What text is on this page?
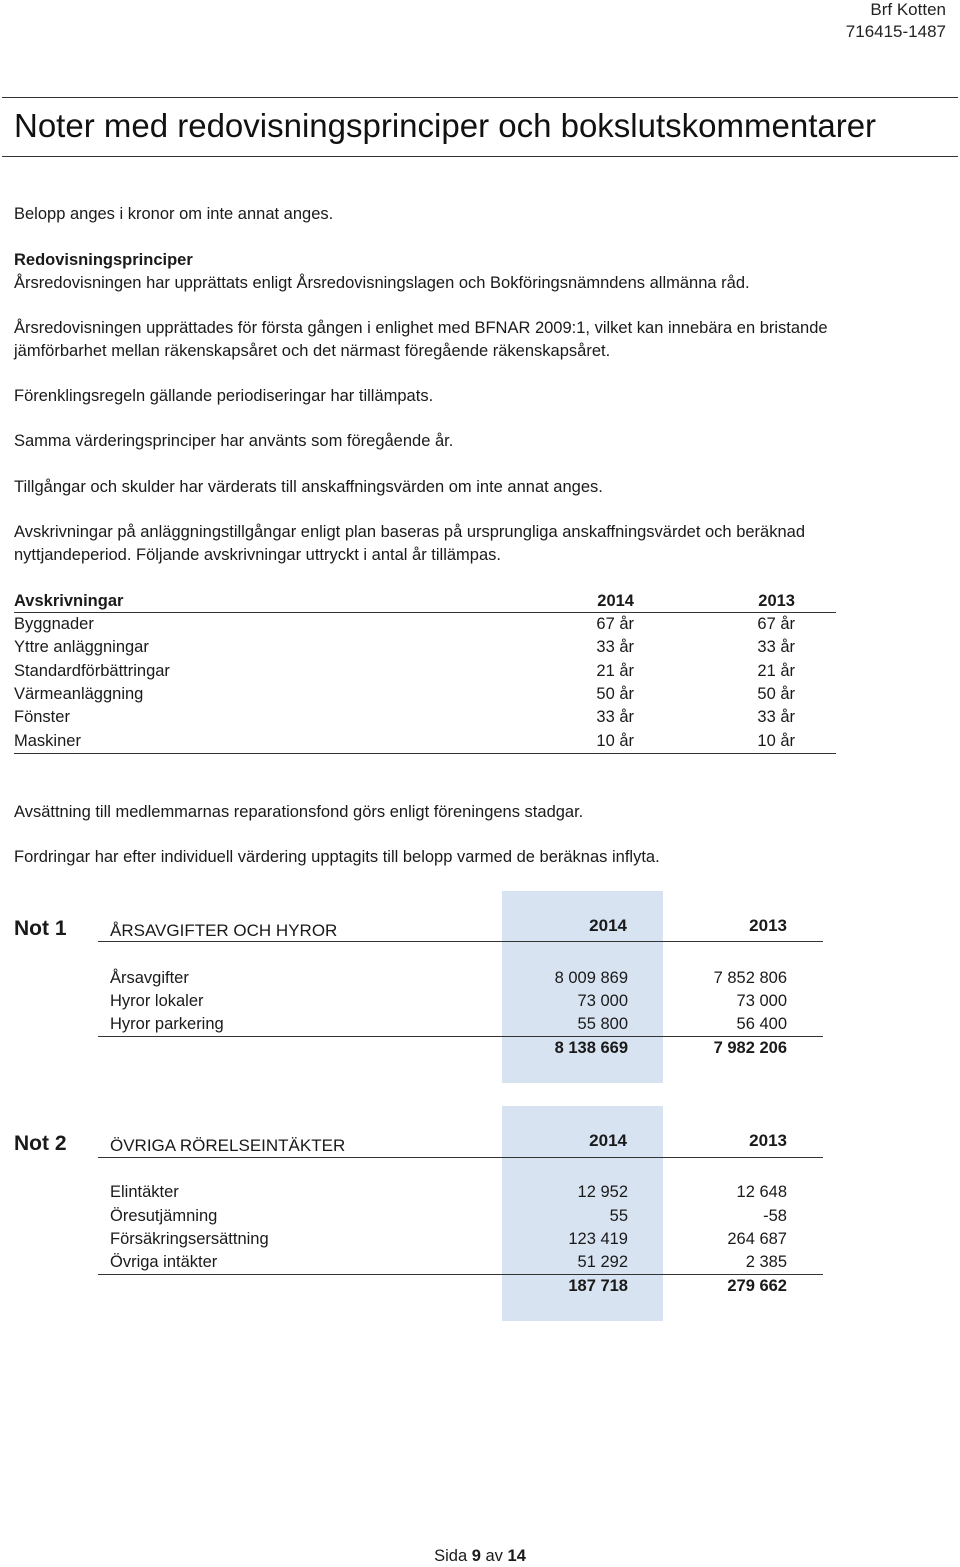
Brf Kotten
716415-1487
Noter med redovisningsprinciper och bokslutskommentarer
Belopp anges i kronor om inte annat anges.
Redovisningsprinciper
Årsredovisningen har upprättats enligt Årsredovisningslagen och Bokföringsnämndens allmänna råd.
Årsredovisningen upprättades för första gången i enlighet med BFNAR 2009:1, vilket kan innebära en bristande
jämförbarhet mellan räkenskapsåret och det närmast föregående räkenskapsåret.
Förenklingsregeln gällande periodiseringar har tillämpats.
Samma värderingsprinciper har använts som föregående år.
Tillgångar och skulder har värderats till anskaffningsvärden om inte annat anges.
Avskrivningar på anläggningstillgångar enligt plan baseras på ursprungliga anskaffningsvärdet och beräknad
nyttjandeperiod. Följande avskrivningar uttryckt i antal år tillämpas.
Avskrivningar	2014	2013
Byggnader	67 år	67 år
Yttre anläggningar	33 år	33 år
Standardförbättringar	21 år	21 år
Värmeanläggning	50 år	50 år
Fönster	33 år	33 år
Maskiner	10 år	10 år
Avsättning till medlemmarnas reparationsfond görs enligt föreningens stadgar.
Fordringar har efter individuell värdering upptagits till belopp varmed de beräknas inflyta.
Not 1	ÅRSAVGIFTER OCH HYROR	2014	2013
Årsavgifter	8 009 869	7 852 806
Hyror lokaler	73 000	73 000
Hyror parkering	55 800	56 400
8 138 669	7 982 206
Not 2	ÖVRIGA RÖRELSEINTÄKTER	2014	2013
Elintäkter	12 952	12 648
Öresutjämning	55	-58
Försäkringsersättning	123 419	264 687
Övriga intäkter	51 292	2 385
187 718	279 662
Sida 9 av 14
